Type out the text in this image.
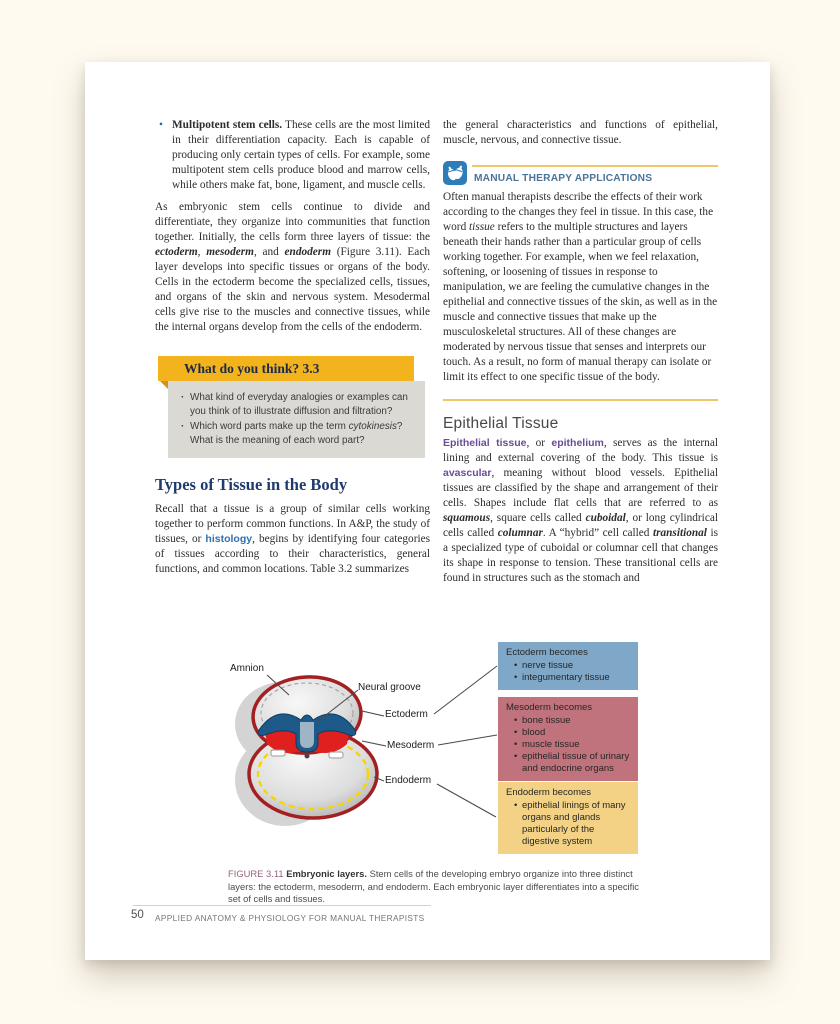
• Multipotent stem cells. These cells are the most limited in their differentiation capacity. Each is capable of producing only certain types of cells. For example, some multipotent stem cells produce blood and marrow cells, while others make fat, bone, ligament, and muscle cells.

As embryonic stem cells continue to divide and differentiate, they organize into communities that function together. Initially, the cells form three layers of tissue: the ectoderm, mesoderm, and endoderm (Figure 3.11). Each layer develops into specific tissues or organs of the body. Cells in the ectoderm become the specialized cells, tissues, and organs of the skin and nervous system. Mesodermal cells give rise to the muscles and connective tissues, while the internal organs develop from the cells of the endoderm.

What do you think? 3.3
· What kind of everyday analogies or examples can you think of to illustrate diffusion and filtration?
· Which word parts make up the term cytokinesis? What is the meaning of each word part?
Types of Tissue in the Body

Recall that a tissue is a group of similar cells working together to perform common functions. In A&P, the study of tissues, or histology, begins by identifying four categories of tissues according to their characteristics, general functions, and common locations. Table 3.2 summarizes

the general characteristics and functions of epithelial, muscle, nervous, and connective tissue.

MANUAL THERAPY APPLICATIONS

Often manual therapists describe the effects of their work according to the changes they feel in tissue. In this case, the word tissue refers to the multiple structures and layers beneath their hands rather than a particular group of cells working together. For example, when we feel relaxation, softening, or loosening of tissues in response to manipulation, we are feeling the cumulative changes in the epithelial and connective tissues of the skin, as well as in the muscle and connective tissues that make up the musculoskeletal structures. All of these changes are moderated by nervous tissue that senses and interprets our touch. As a result, no form of manual therapy can isolate or limit its effect to one specific tissue of the body.

Epithelial Tissue

Epithelial tissue, or epithelium, serves as the internal lining and external covering of the body. This tissue is avascular, meaning without blood vessels. Epithelial tissues are classified by the shape and arrangement of their cells. Shapes include flat cells that are referred to as squamous, square cells called cuboidal, or long cylindrical cells called columnar. A “hybrid” cell called transitional is a specialized type of cuboidal or columnar cell that changes its shape in response to tension. These transitional cells are found in structures such as the stomach and

Amnion
Neural groove
Ectoderm
Mesoderm
Endoderm
Ectoderm becomes
• nerve tissue
• integumentary tissue
Mesoderm becomes
• bone tissue
• blood
• muscle tissue
• epithelial tissue of urinary and endocrine organs
Endoderm becomes
• epithelial linings of many organs and glands particularly of the digestive system
FIGURE 3.11 Embryonic layers. Stem cells of the developing embryo organize into three distinct layers: the ectoderm, mesoderm, and endoderm. Each embryonic layer differentiates into a specific set of cells and tissues.
50 APPLIED ANATOMY & PHYSIOLOGY FOR MANUAL THERAPISTS
